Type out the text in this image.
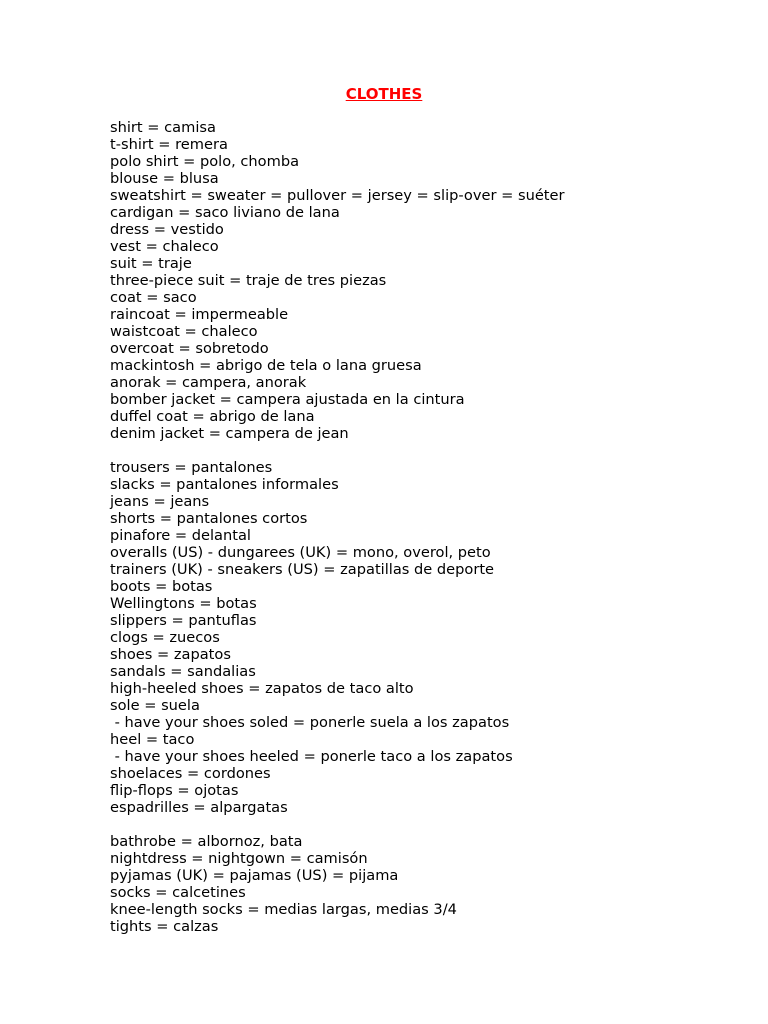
CLOTHES
shirt = camisa
t-shirt = remera
polo shirt = polo, chomba
blouse = blusa
sweatshirt = sweater = pullover = jersey = slip-over = suéter
cardigan = saco liviano de lana
dress = vestido
vest = chaleco
suit = traje
three-piece suit = traje de tres piezas
coat = saco
raincoat = impermeable
waistcoat = chaleco
overcoat = sobretodo
mackintosh = abrigo de tela o lana gruesa
anorak = campera, anorak
bomber jacket = campera ajustada en la cintura
duffel coat = abrigo de lana
denim jacket = campera de jean
trousers = pantalones
slacks = pantalones informales
jeans = jeans
shorts = pantalones cortos
pinafore = delantal
overalls (US) - dungarees (UK) = mono, overol, peto
trainers (UK) - sneakers (US) = zapatillas de deporte
boots = botas
Wellingtons = botas
slippers = pantuflas
clogs = zuecos
shoes = zapatos
sandals = sandalias
high-heeled shoes = zapatos de taco alto
sole = suela
- have your shoes soled = ponerle suela a los zapatos
heel = taco
- have your shoes heeled = ponerle taco a los zapatos
shoelaces = cordones
flip-flops = ojotas
espadrilles = alpargatas
bathrobe = albornoz, bata
nightdress = nightgown = camisón
pyjamas (UK) = pajamas (US) = pijama
socks = calcetines
knee-length socks = medias largas, medias 3/4
tights = calzas
